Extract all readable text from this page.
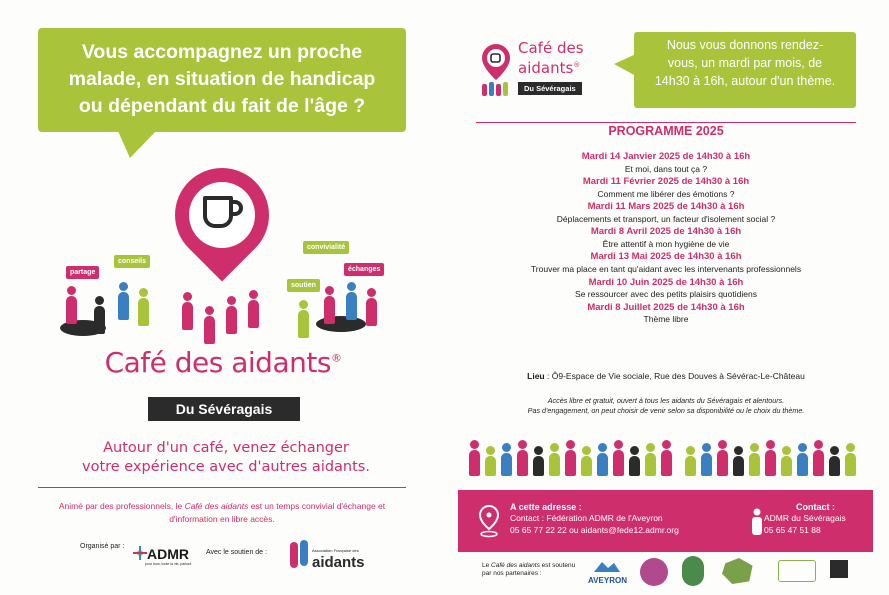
Vous accompagnez un proche
malade, en situation de handicap
ou dépendant du fait de l'âge ?
partage
conseils
convivialité
soutien
échanges
Café des aidants®
Du Sévéragais
Autour d'un café, venez échanger
votre expérience avec d'autres aidants.
Animé par des professionnels, le Café des aidants est un temps convivial d'échange et d'information en libre accès.
Organisé par : ADMR
pour tous, toute la vie, partout
Avec le soutien de :	Association Française des
aidants
Café des
aidants®
Du Sévéragais
Nous vous donnons rendez-
vous, un mardi par mois, de
14h30 à 16h, autour d'un thème.
PROGRAMME 2025
Mardi 14 Janvier 2025 de 14h30 à 16h
Et moi, dans tout ça ?
Mardi 11 Février 2025 de 14h30 à 16h
Comment me libérer des émotions ?
Mardi 11 Mars 2025 de 14h30 à 16h
Déplacements et transport, un facteur d'isolement social ?
Mardi 8 Avril 2025 de 14h30 à 16h
Être attentif à mon hygiène de vie
Mardi 13 Mai 2025 de 14h30 à 16h
Trouver ma place en tant qu'aidant avec les intervenants professionnels
Mardi 10 Juin 2025 de 14h30 à 16h
Se ressourcer avec des petits plaisirs quotidiens
Mardi 8 Juillet 2025 de 14h30 à 16h
Thème libre
Lieu : Ô9-Espace de Vie sociale, Rue des Douves à Sévérac-Le-Château
Accès libre et gratuit, ouvert à tous les aidants du Sévéragais et alentours.
Pas d'engagement, on peut choisir de venir selon sa disponibilité ou le choix du thème.
A cette adresse :
Contact : Fédération ADMR de l'Aveyron
05 65 77 22 22 ou aidants@fede12.admr.org
Contact :
ADMR du Sévéragais
05 65 47 51 88
Le Café des aidants est soutenu
par nos partenaires :
AVEYRON
